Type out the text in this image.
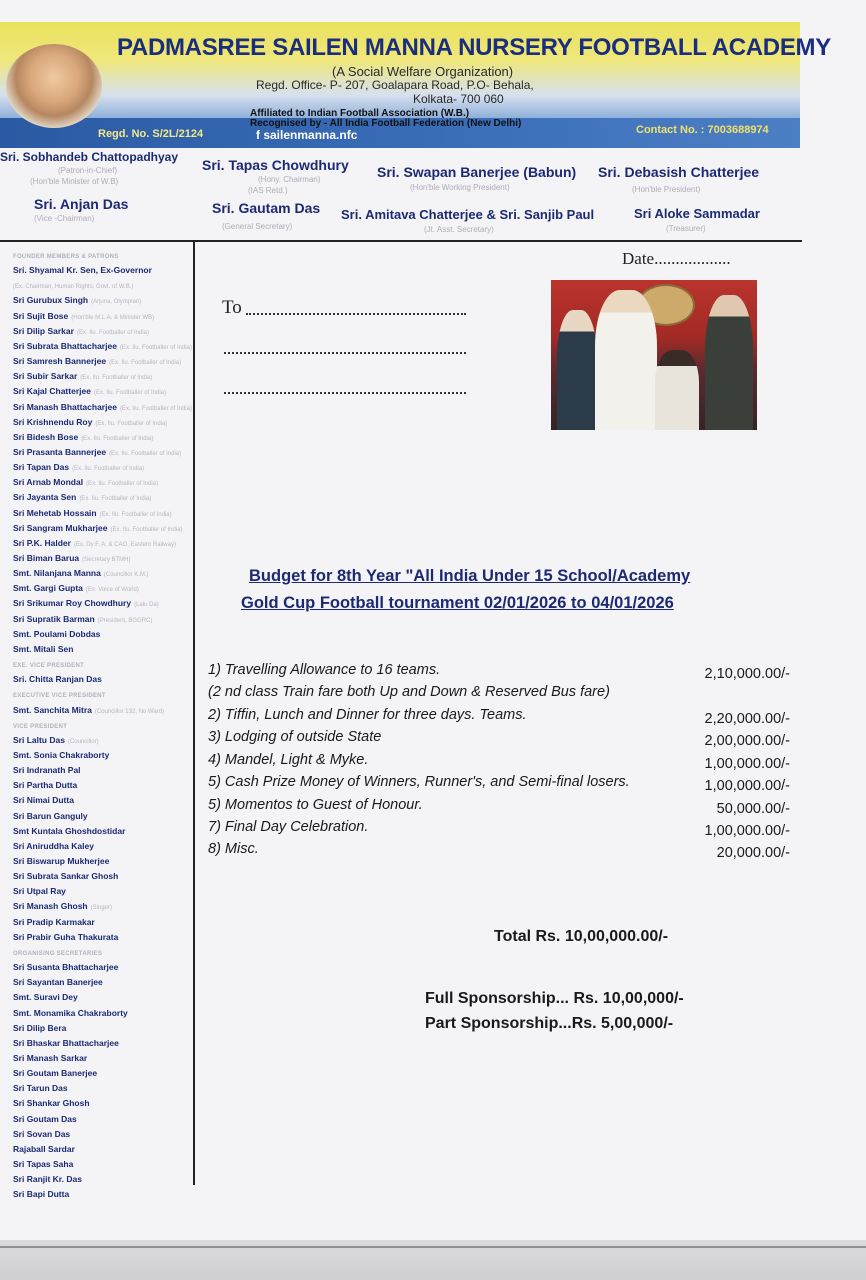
PADMASREE SAILEN MANNA NURSERY FOOTBALL ACADEMY
(A Social Welfare Organization)
Regd. Office- P- 207, Goalapara Road, P.O- Behala,
Kolkata- 700 060
Affiliated to Indian Football Association (W.B.)
Recognised by - All India Football Federation (New Delhi)
Regd. No. S/2L/2124	f sailenmanna.nfc	Contact No. : 7003688974
Sri. Sobhandeb Chattopadhyay
(Patron-in-Chief)
(Hon'ble Minister of W.B)
Sri. Tapas Chowdhury
(Hony. Chairman)
(IAS Retd.)
Sri. Swapan Banerjee (Babun)
(Hon'ble Working President)
Sri. Debasish Chatterjee
(Hon'ble President)
Sri. Anjan Das
(Vice -Chairman)
Sri. Gautam Das
(General Secretary)
Sri. Amitava Chatterjee & Sri. Sanjib Paul
(Jt. Asst. Secretary)
Sri Aloke Sammadar
(Treasurer)
FOUNDER MEMBERS & PATRONS
Sri. Shyamal Kr. Sen, Ex-Governor
(Ex. Chairman, Human Rights, Govt. of W.B.)
Sri Gurubux Singh (Arjuna, Olympian)
Sri Sujit Bose (Hon'ble M.L.A. & Minister WB)
Sri Dilip Sarkar (Ex. Ilu. Footballer of India)
Sri Subrata Bhattacharjee (Ex. Ilu. Footballer of India)
Sri Samresh Bannerjee (Ex. Ilu. Footballer of India)
Sri Subir Sarkar (Ex. Ilu. Footballer of India)
Sri Kajal Chatterjee (Ex. Ilu. Footballer of India)
Sri Manash Bhattacharjee (Ex. Ilu. Footballer of India)
Sri Krishnendu Roy (Ex. Ilu. Footballer of India)
Sri Bidesh Bose (Ex. Ilu. Footballer of India)
Sri Prasanta Bannerjee (Ex. Ilu. Footballer of India)
Sri Tapan Das (Ex. Ilu. Footballer of India)
Sri Arnab Mondal (Ex. Ilu. Footballer of India)
Sri Jayanta Sen (Ex. Ilu. Footballer of India)
Sri Mehetab Hossain (Ex. Ilu. Footballer of India)
Sri Sangram Mukharjee (Ex. Ilu. Footballer of India)
Sri P.K. Halder (Ex. Dy F. A. & CAO, Eastern Railway)
Sri Biman Barua (Secretary BTMH)
Smt. Nilanjana Manna (Councillor K.M.)
Smt. Gargi Gupta (Ex. Voice of World)
Sri Srikumar Roy Chowdhury (Lalu Da)
Sri Supratik Barman (President, BGGRC)
Smt. Poulami Dobdas
Smt. Mitali Sen
EXE. VICE PRESIDENT
Sri. Chitta Ranjan Das
EXECUTIVE VICE PRESIDENT
Smt. Sanchita Mitra (Councillor 132, No Ward)
VICE PRESIDENT
Sri Laltu Das (Councillor)
Smt. Sonia Chakraborty
Sri Indranath Pal
Sri Partha Dutta
Sri Nimai Dutta
Sri Barun Ganguly
Smt Kuntala Ghoshdostidar
Sri Aniruddha Kaley
Sri Biswarup Mukherjee
Sri Subrata Sankar Ghosh
Sri Utpal Ray
Sri Manash Ghosh (Singer)
Sri Pradip Karmakar
Sri Prabir Guha Thakurata
ORGANISING SECRETARIES
Sri Susanta Bhattacharjee
Sri Sayantan Banerjee
Smt. Suravi Dey
Smt. Monamika Chakraborty
Sri Dilip Bera
Sri Bhaskar Bhattacharjee
Sri Manash Sarkar
Sri Goutam Banerjee
Sri Tarun Das
Sri Shankar Ghosh
Sri Goutam Das
Sri Sovan Das
Rajaball Sardar
Sri Tapas Saha
Sri Ranjit Kr. Das
Sri Bapi Dutta
Date..................
To
Budget for 8th Year "All India Under 15 School/Academy
Gold Cup Football tournament 02/01/2026 to 04/01/2026
1) Travelling Allowance to 16 teams.	2,10,000.00/-
(2 nd class Train fare both Up and Down & Reserved Bus fare)
2) Tiffin, Lunch and Dinner for three days. Teams.	2,20,000.00/-
3) Lodging of outside State	2,00,000.00/-
4) Mandel, Light & Myke.	1,00,000.00/-
5) Cash Prize Money of Winners, Runner's, and Semi-final losers.	1,00,000.00/-
5) Momentos to Guest of Honour.	50,000.00/-
7) Final Day Celebration.	1,00,000.00/-
8) Misc.	20,000.00/-
Total Rs. 10,00,000.00/-
Full Sponsorship... Rs. 10,00,000/-
Part Sponsorship...Rs. 5,00,000/-
